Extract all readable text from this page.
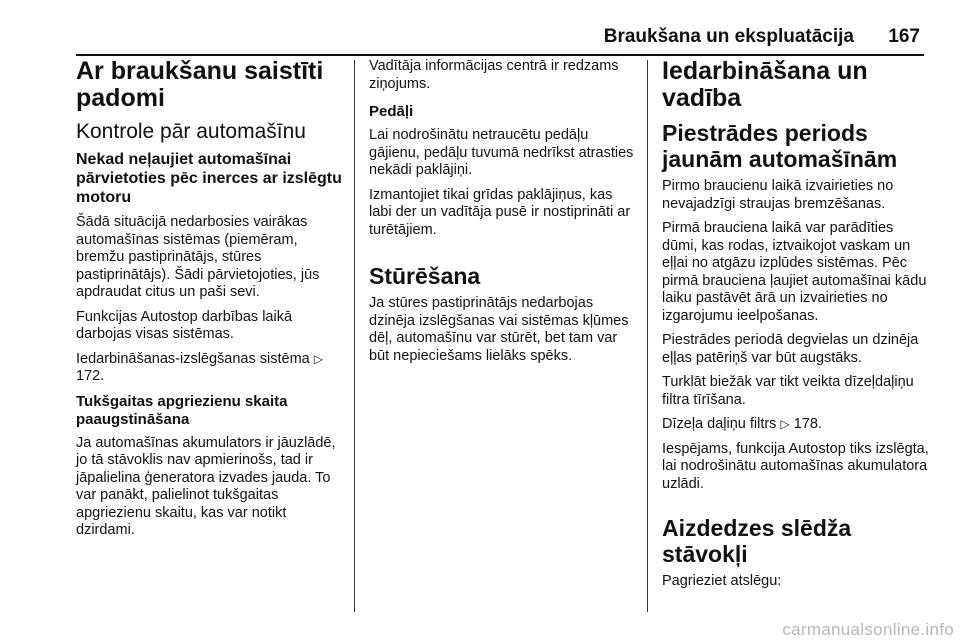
Braukšana un ekspluatācija 167
Ar braukšanu saistīti padomi
Kontrole pār automašīnu
Nekad neļaujiet automašīnai pārvietoties pēc inerces ar izslēgtu motoru

Šādā situācijā nedarbosies vairākas automašīnas sistēmas (piemēram, bremžu pastiprinātājs, stūres pastiprinātājs). Šādi pārvietojoties, jūs apdraudat citus un paši sevi.

Funkcijas Autostop darbības laikā darbojas visas sistēmas.

Iedarbināšanas-izslēgšanas sistēma ▷ 172.

Tukšgaitas apgriezienu skaita paaugstināšana

Ja automašīnas akumulators ir jāuzlādē, jo tā stāvoklis nav apmierinošs, tad ir jāpalielina ģeneratora izvades jauda. To var panākt, palielinot tukšgaitas apgriezienu skaitu, kas var notikt dzirdami.

Vadītāja informācijas centrā ir redzams ziņojums.

Pedāļi

Lai nodrošinātu netraucētu pedāļu gājienu, pedāļu tuvumā nedrīkst atrasties nekādi paklājiņi.

Izmantojiet tikai grīdas paklājiņus, kas labi der un vadītāja pusē ir nostiprināti ar turētājiem.

Stūrēšana

Ja stūres pastiprinātājs nedarbojas dzinēja izslēgšanas vai sistēmas kļūmes dēļ, automašīnu var stūrēt, bet tam var būt nepieciešams lielāks spēks.

Iedarbināšana un vadība
Piestrādes periods jaunām automašīnām

Pirmo braucienu laikā izvairieties no nevajadzīgi straujas bremzēšanas.

Pirmā brauciena laikā var parādīties dūmi, kas rodas, iztvaikojot vaskam un eļļai no atgāzu izplūdes sistēmas. Pēc pirmā brauciena ļaujiet automašīnai kādu laiku pastāvēt ārā un izvairieties no izgarojumu ieelpošanas.

Piestrādes periodā degvielas un dzinēja eļļas patēriņš var būt augstāks.

Turklāt biežāk var tikt veikta dīzeļdaļiņu filtra tīrīšana.

Dīzeļa daļiņu filtrs ▷ 178.

Iespējams, funkcija Autostop tiks izslēgta, lai nodrošinātu automašīnas akumulatora uzlādi.

Aizdedzes slēdža stāvokļi

Pagrieziet atslēgu:

carmanualsonline.info
